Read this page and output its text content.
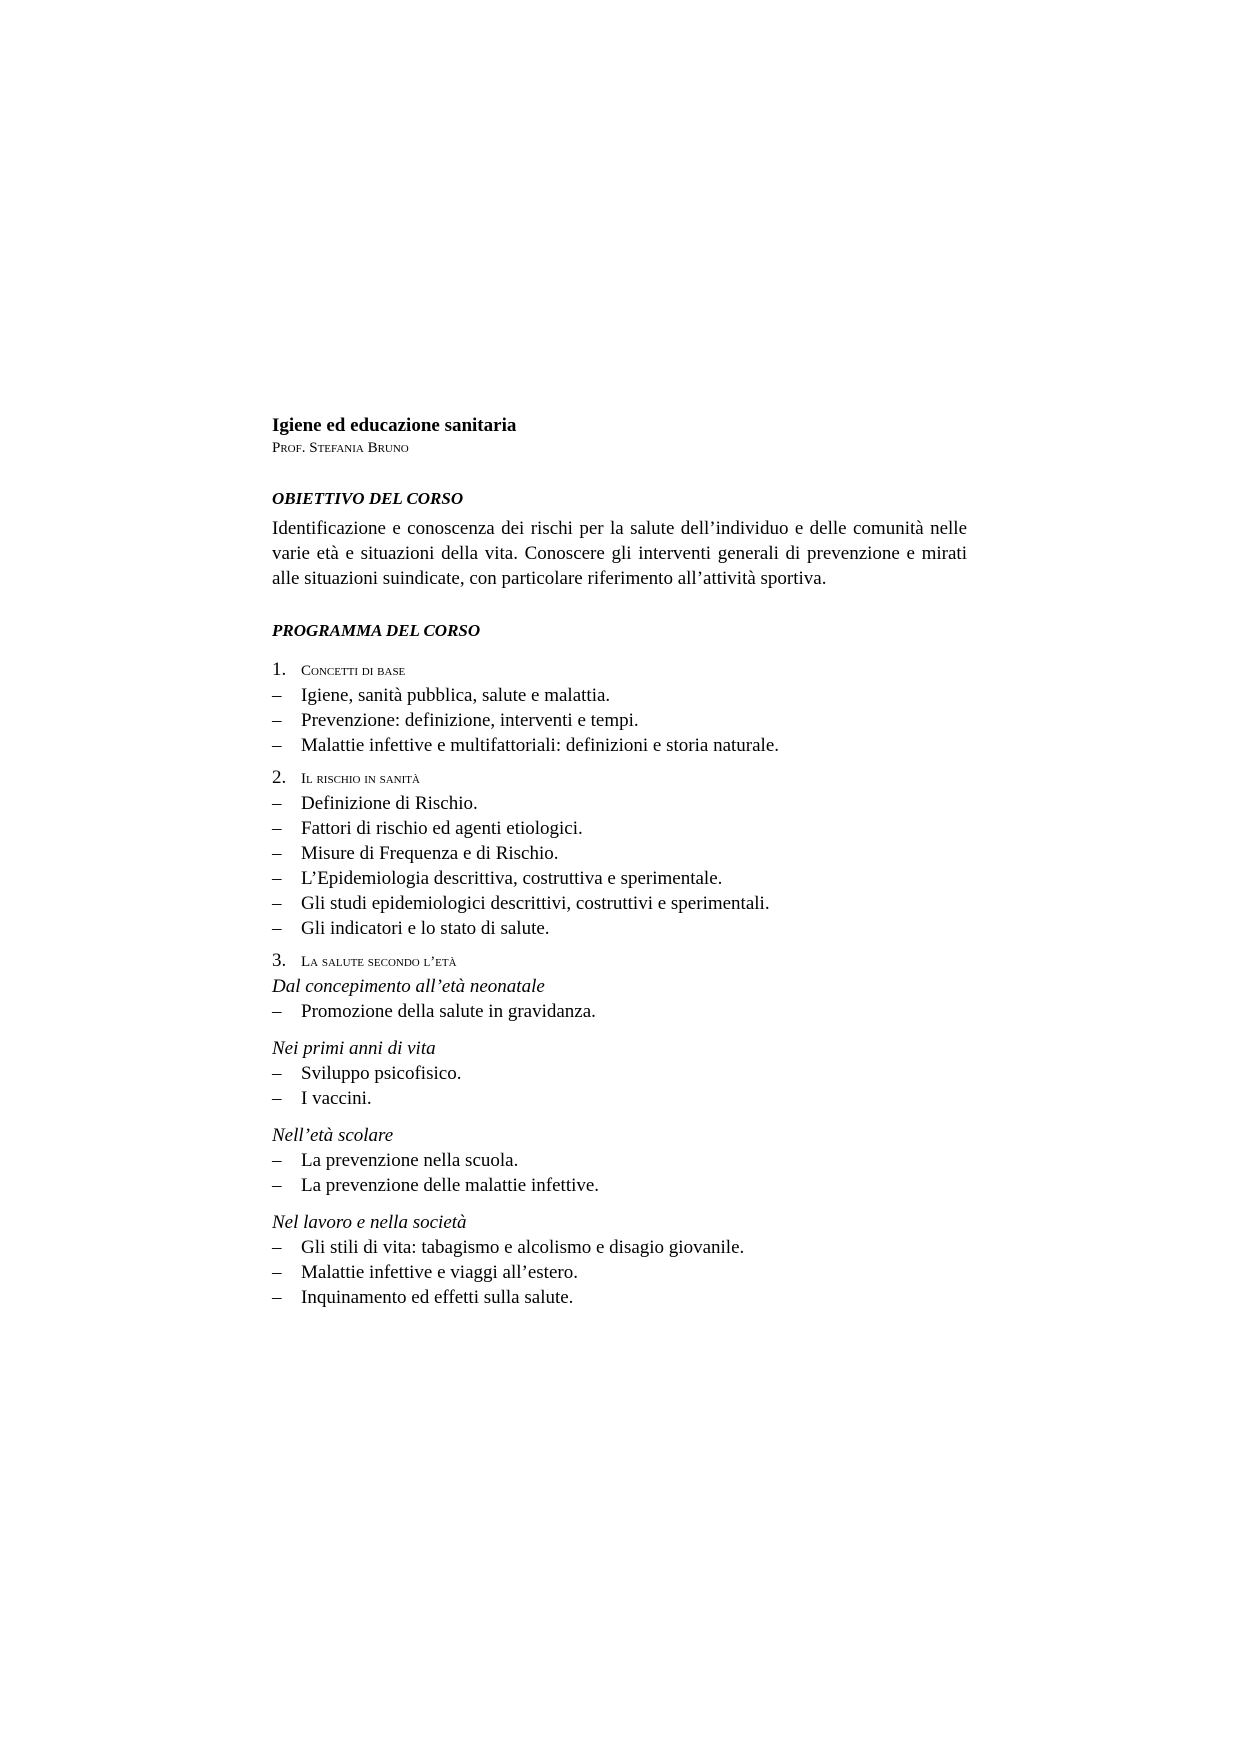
Igiene ed educazione sanitaria

Prof. Stefania Bruno

OBIETTIVO DEL CORSO

Identificazione e conoscenza dei rischi per la salute dell’individuo e delle comunità nelle varie età e situazioni della vita. Conoscere gli interventi generali di prevenzione e mirati alle situazioni suindicate, con particolare riferimento all’attività sportiva.

PROGRAMMA DEL CORSO

1. Concetti di base

–	Igiene, sanità pubblica, salute e malattia.
–	Prevenzione: definizione, interventi e tempi.
–	Malattie infettive e multifattoriali: definizioni e storia naturale.

2. Il rischio in sanità

–	Definizione di Rischio.
–	Fattori di rischio ed agenti etiologici.
–	Misure di Frequenza e di Rischio.
–	L’Epidemiologia descrittiva, costruttiva e sperimentale.
–	Gli studi epidemiologici descrittivi, costruttivi e sperimentali.
–	Gli indicatori e lo stato di salute.

3. La salute secondo l’età

Dal concepimento all’età neonatale

–	Promozione della salute in gravidanza.

Nei primi anni di vita

–	Sviluppo psicofisico.
–	I vaccini.

Nell’età scolare

–	La prevenzione nella scuola.
–	La prevenzione delle malattie infettive.

Nel lavoro e nella società

–	Gli stili di vita: tabagismo e alcolismo e disagio giovanile.
–	Malattie infettive e viaggi all’estero.
–	Inquinamento ed effetti sulla salute.
